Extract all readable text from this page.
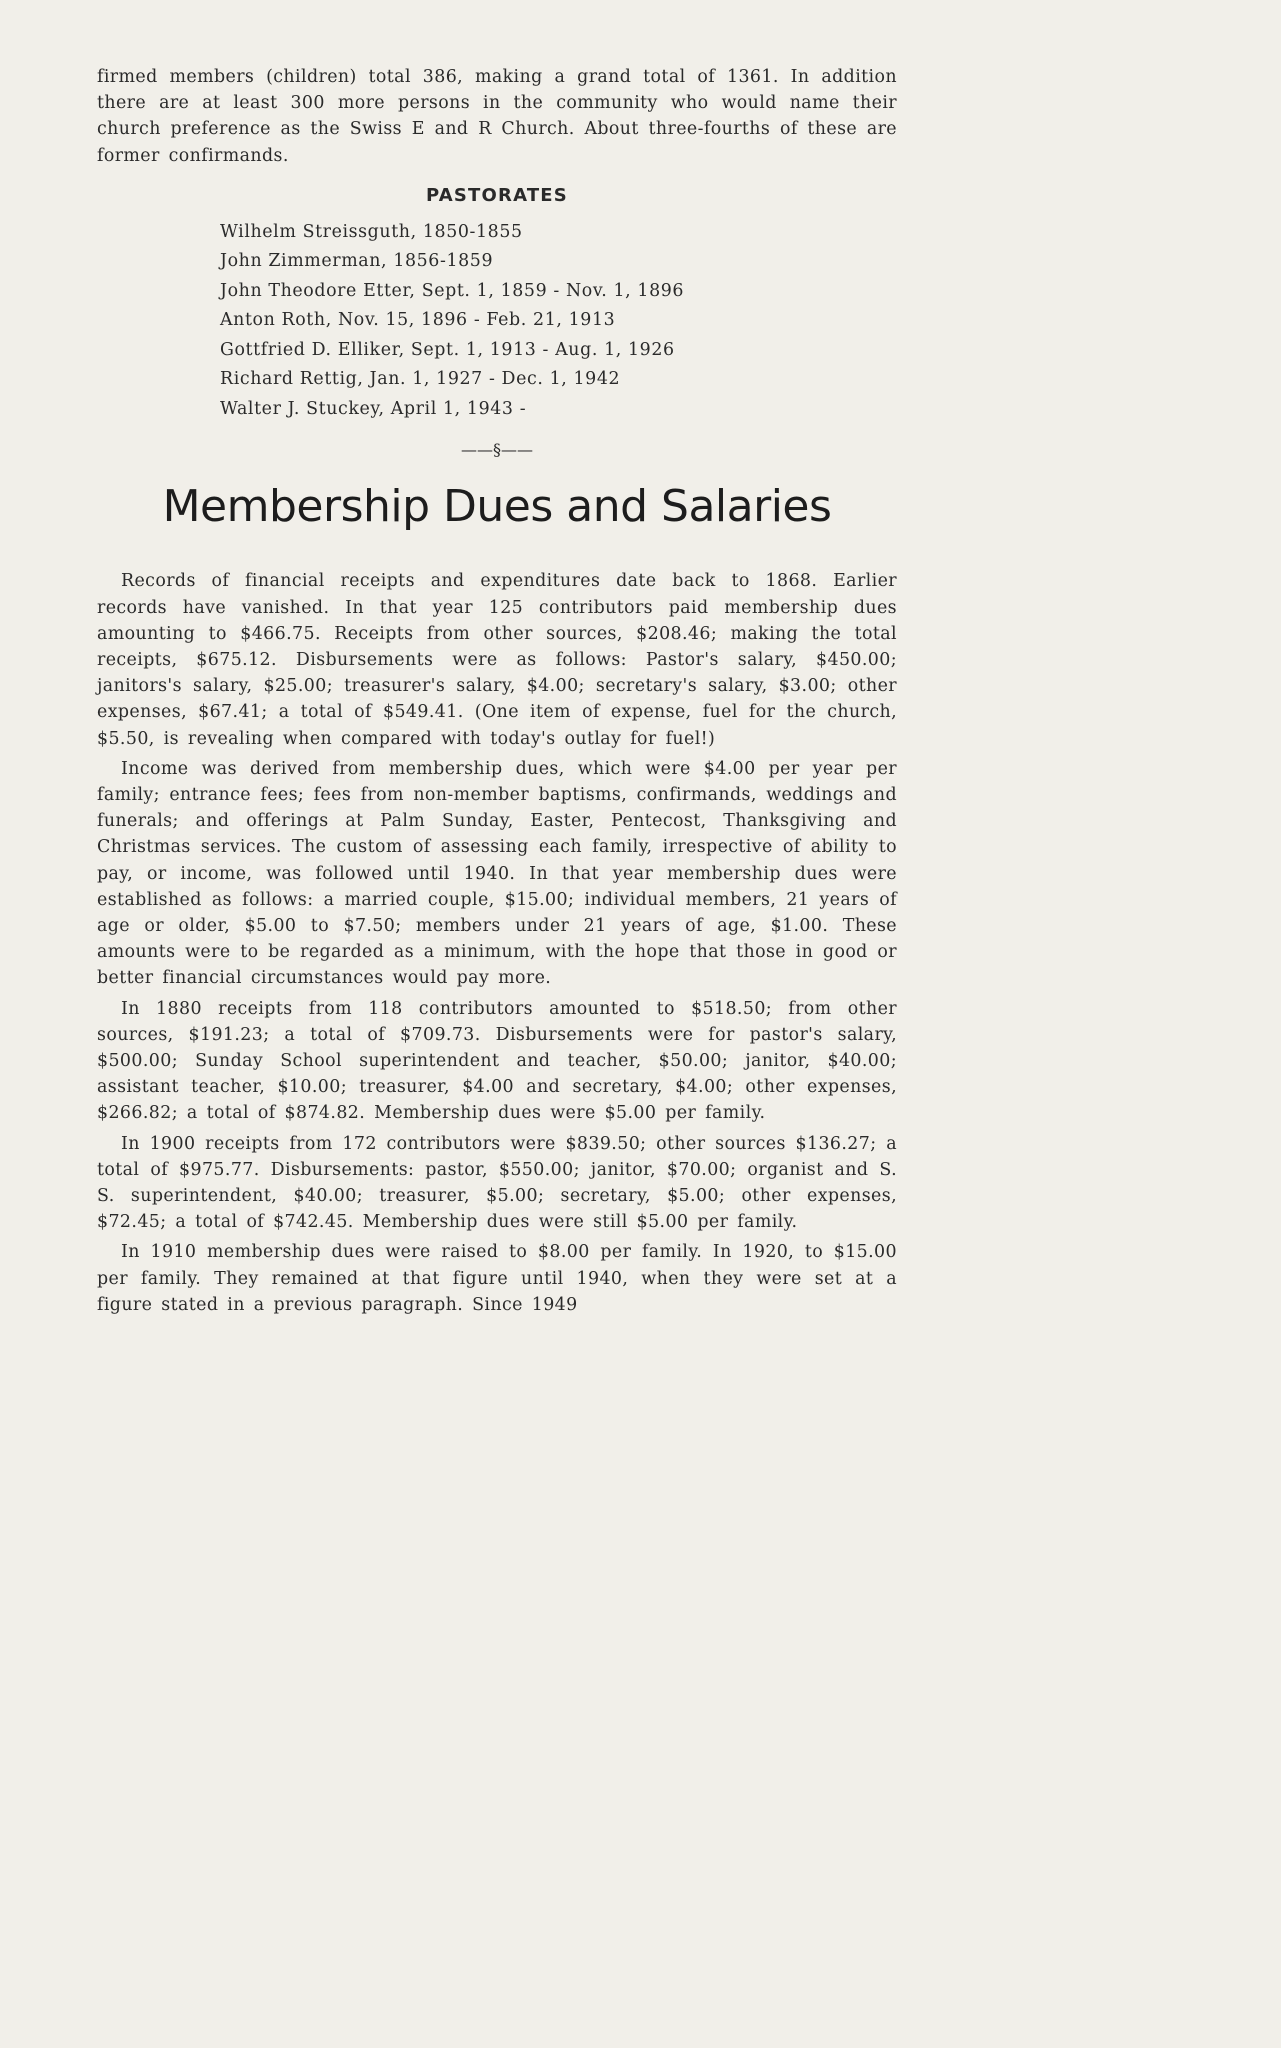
firmed members (children) total 386, making a grand total of 1361. In addition there are at least 300 more persons in the community who would name their church preference as the Swiss E and R Church. About three-fourths of these are former confirmands.

PASTORATES
Wilhelm Streissguth, 1850-1855
John Zimmerman, 1856-1859
John Theodore Etter, Sept. 1, 1859 - Nov. 1, 1896
Anton Roth, Nov. 15, 1896 - Feb. 21, 1913
Gottfried D. Elliker, Sept. 1, 1913 - Aug. 1, 1926
Richard Rettig, Jan. 1, 1927 - Dec. 1, 1942
Walter J. Stuckey, April 1, 1943 -
——§——
Membership Dues and Salaries

Records of financial receipts and expenditures date back to 1868. Earlier records have vanished. In that year 125 contributors paid membership dues amounting to $466.75. Receipts from other sources, $208.46; making the total receipts, $675.12. Disbursements were as follows: Pastor's salary, $450.00; janitors's salary, $25.00; treasurer's salary, $4.00; secretary's salary, $3.00; other expenses, $67.41; a total of $549.41. (One item of expense, fuel for the church, $5.50, is revealing when compared with today's outlay for fuel!)

Income was derived from membership dues, which were $4.00 per year per family; entrance fees; fees from non-member baptisms, confirmands, weddings and funerals; and offerings at Palm Sunday, Easter, Pentecost, Thanksgiving and Christmas services. The custom of assessing each family, irrespective of ability to pay, or income, was followed until 1940. In that year membership dues were established as follows: a married couple, $15.00; individual members, 21 years of age or older, $5.00 to $7.50; members under 21 years of age, $1.00. These amounts were to be regarded as a minimum, with the hope that those in good or better financial circumstances would pay more.

In 1880 receipts from 118 contributors amounted to $518.50; from other sources, $191.23; a total of $709.73. Disbursements were for pastor's salary, $500.00; Sunday School superintendent and teacher, $50.00; janitor, $40.00; assistant teacher, $10.00; treasurer, $4.00 and secretary, $4.00; other expenses, $266.82; a total of $874.82. Membership dues were $5.00 per family.

In 1900 receipts from 172 contributors were $839.50; other sources $136.27; a total of $975.77. Disbursements: pastor, $550.00; janitor, $70.00; organist and S. S. superintendent, $40.00; treasurer, $5.00; secretary, $5.00; other expenses, $72.45; a total of $742.45. Membership dues were still $5.00 per family.

In 1910 membership dues were raised to $8.00 per family. In 1920, to $15.00 per family. They remained at that figure until 1940, when they were set at a figure stated in a previous paragraph. Since 1949
